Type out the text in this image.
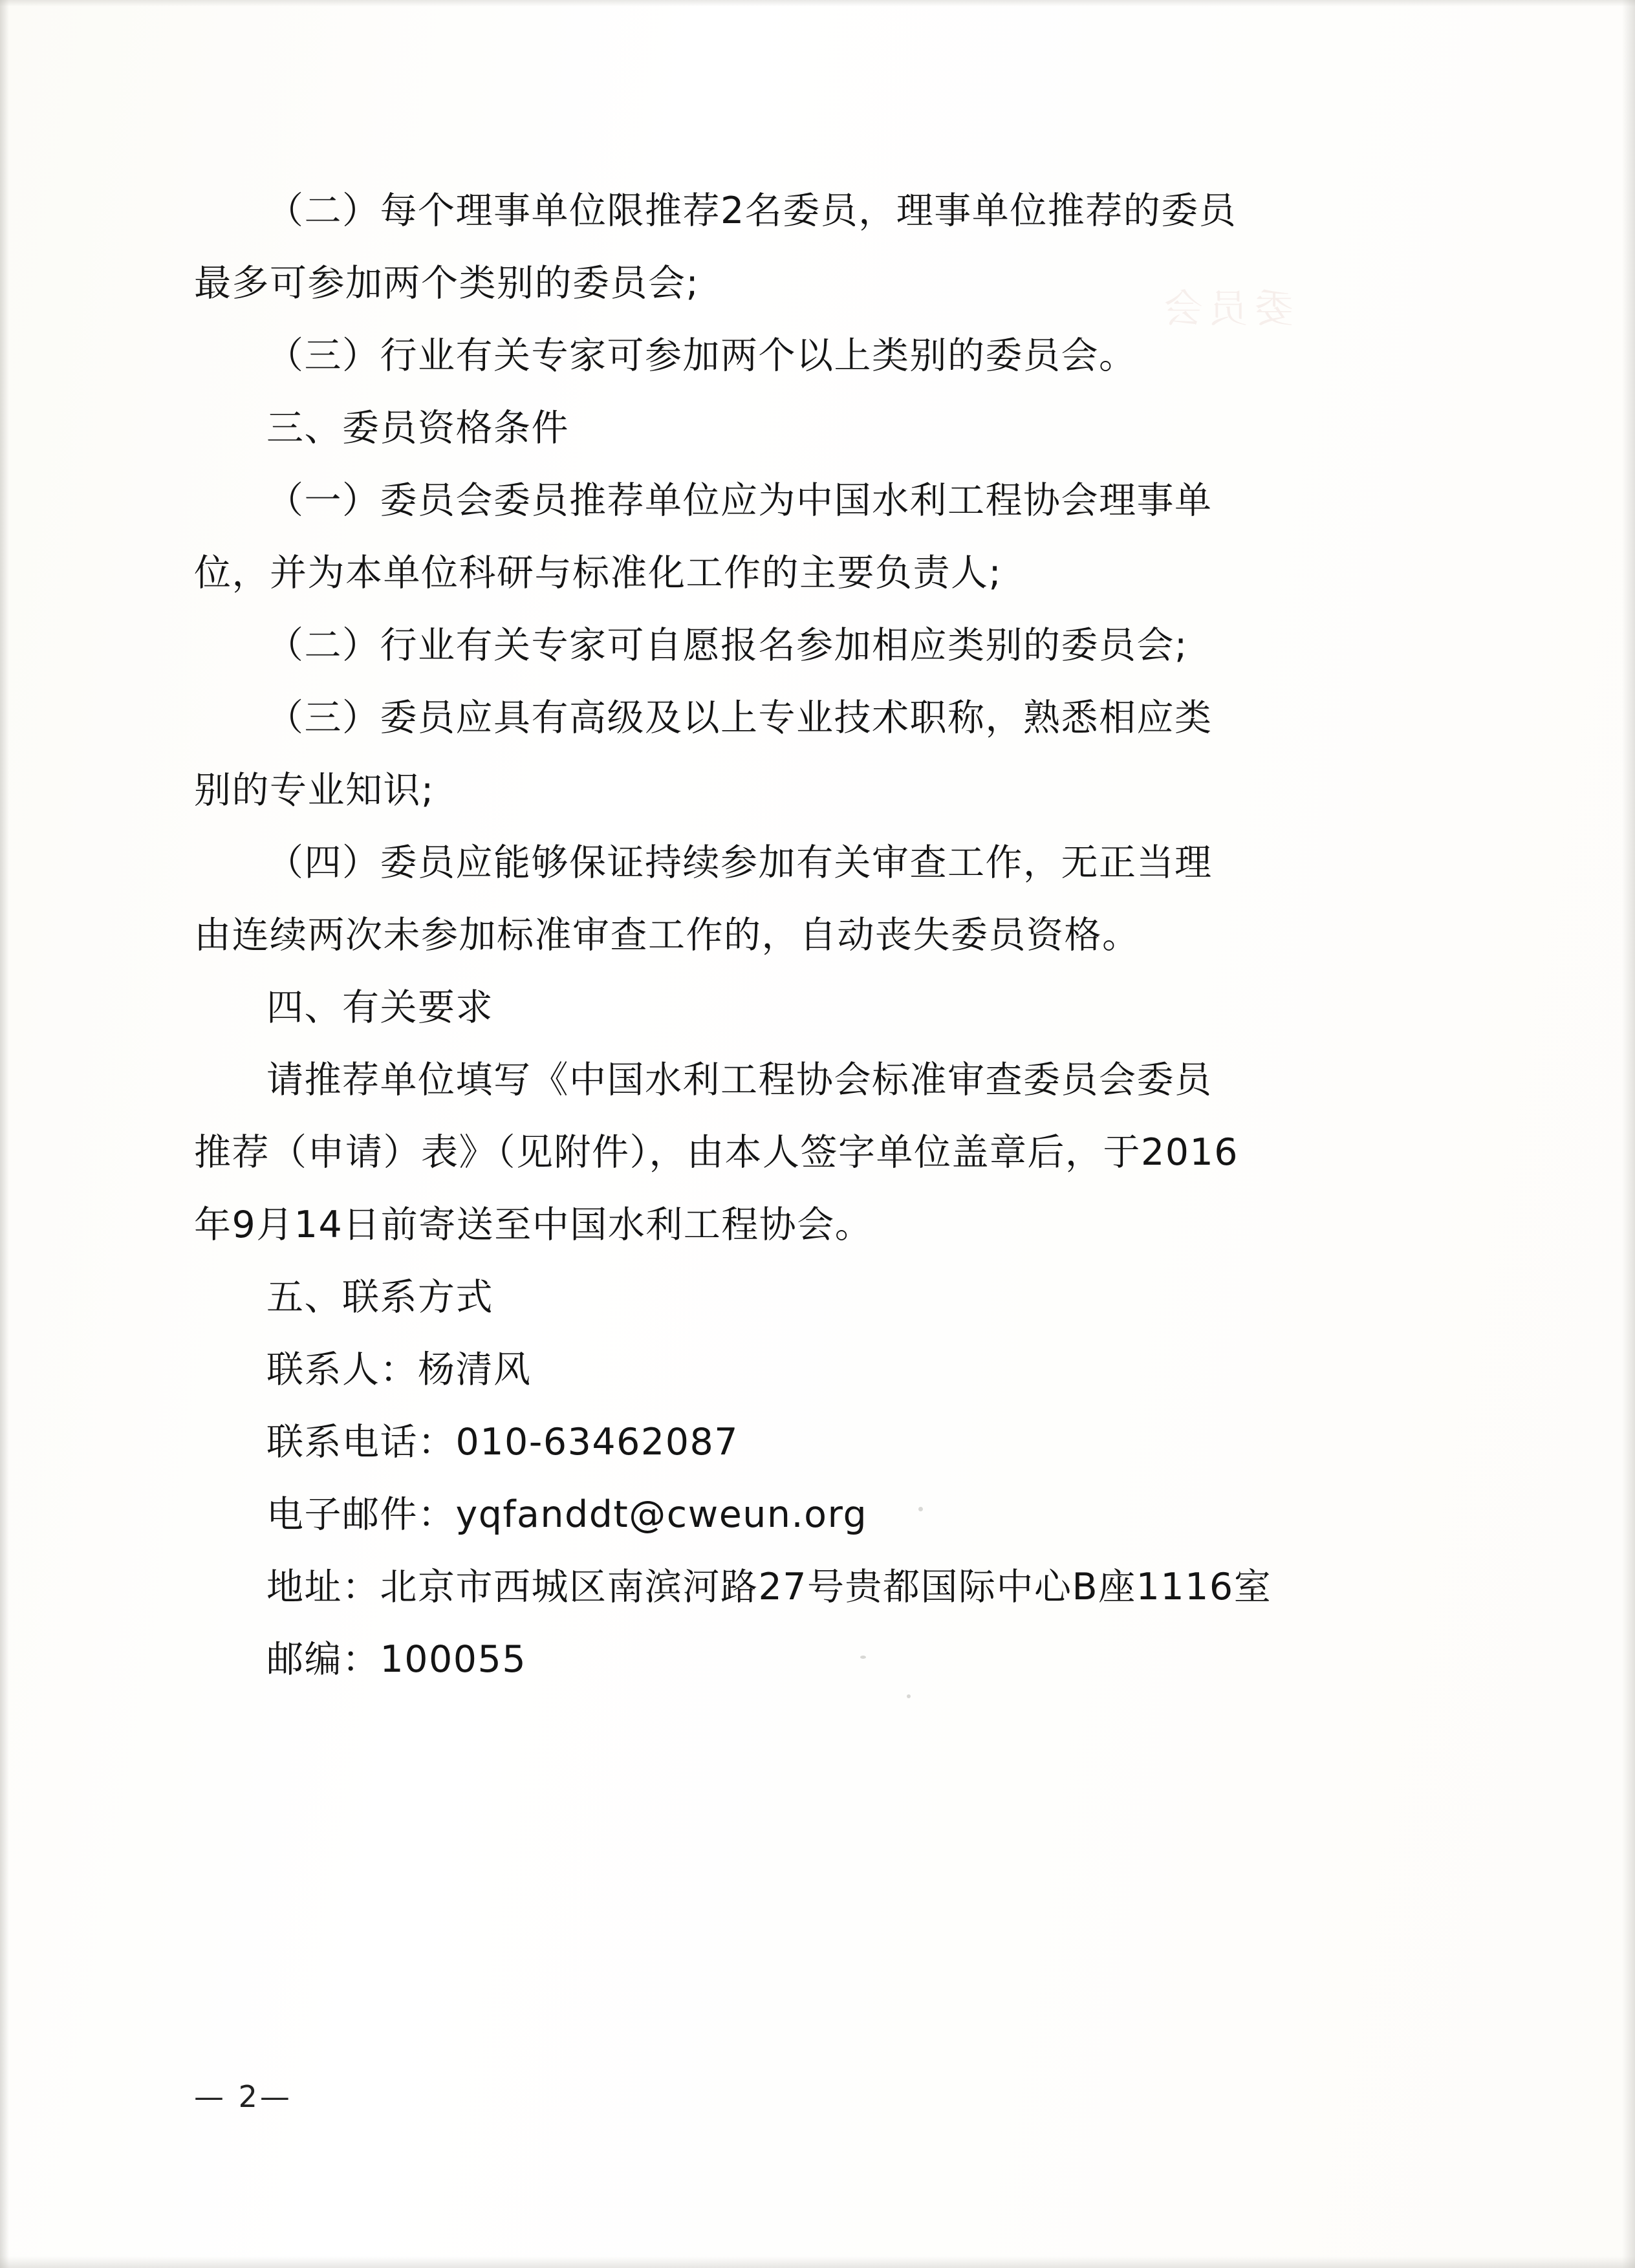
委员会

（二）每个理事单位限推荐2名委员，理事单位推荐的委员

最多可参加两个类别的委员会;

（三）行业有关专家可参加两个以上类别的委员会。

三、委员资格条件

（一）委员会委员推荐单位应为中国水利工程协会理事单

位，并为本单位科研与标准化工作的主要负责人;

（二）行业有关专家可自愿报名参加相应类别的委员会;

（三）委员应具有高级及以上专业技术职称，熟悉相应类

别的专业知识;

（四）委员应能够保证持续参加有关审查工作，无正当理

由连续两次未参加标准审查工作的，自动丧失委员资格。

四、有关要求

请推荐单位填写《中国水利工程协会标准审查委员会委员

推荐（申请）表》（见附件），由本人签字单位盖章后，于2016

年9月14日前寄送至中国水利工程协会。

五、联系方式

联系人：杨清风

联系电话：010-63462087

电子邮件：yqfanddt@cweun.org

地址：北京市西城区南滨河路27号贵都国际中心B座1116室

邮编：100055

— 2—
